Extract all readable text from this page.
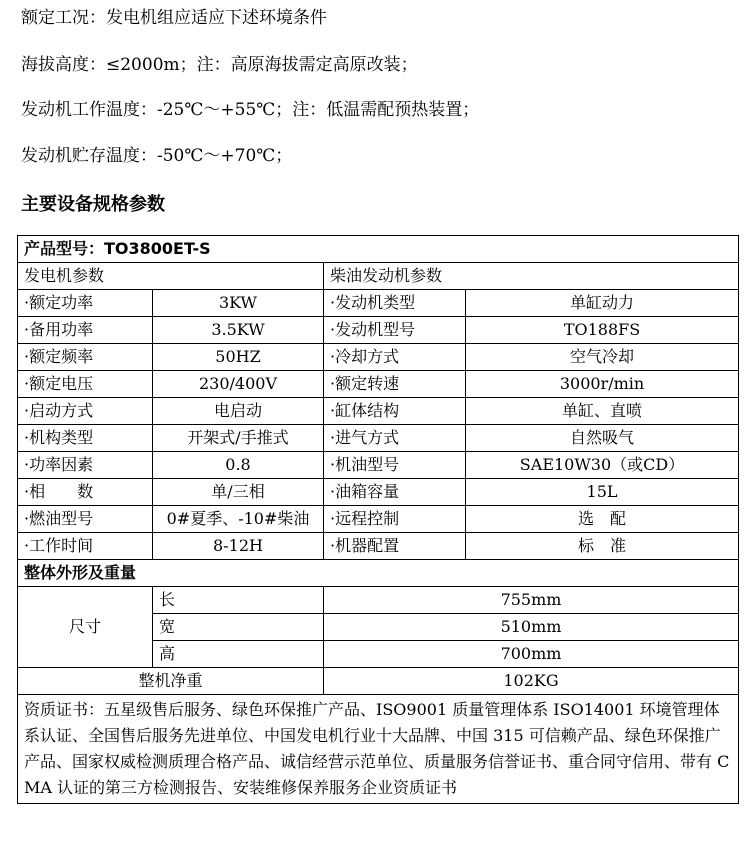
额定工况：发电机组应适应下述环境条件
海拔高度：≤2000m；注：高原海拔需定高原改装；
发动机工作温度：-25℃～+55℃；注：低温需配预热装置；
发动机贮存温度：-50℃～+70℃；
主要设备规格参数
产品型号：TO3800ET-S			
发电机参数		柴油发动机参数	
·额定功率	3KW	·发动机类型	单缸动力
·备用功率	3.5KW	·发动机型号	TO188FS
·额定频率	50HZ	·冷却方式	空气冷却
·额定电压	230/400V	·额定转速	3000r/min
·启动方式	电启动	·缸体结构	单缸、直喷
·机构类型	开架式/手推式	·进气方式	自然吸气
·功率因素	0.8	·机油型号	SAE10W30（或CD）
·相　　数	单/三相	·油箱容量	15L
·燃油型号	0#夏季、-10#柴油	·远程控制	选　配
·工作时间	8-12H	·机器配置	标　准
整体外形及重量			
尺寸	长	755mm	
	宽	510mm	
	高	700mm	
整机净重		102KG	
资质证书：五星级售后服务、绿色环保推广产品、ISO9001 质量管理体系 ISO14001 环境管理体系认证、全国售后服务先进单位、中国发电机行业十大品牌、中国 315 可信赖产品、绿色环保推广产品、国家权威检测质理合格产品、诚信经营示范单位、质量服务信誉证书、重合同守信用、带有 CMA 认证的第三方检测报告、安装维修保养服务企业资质证书			
